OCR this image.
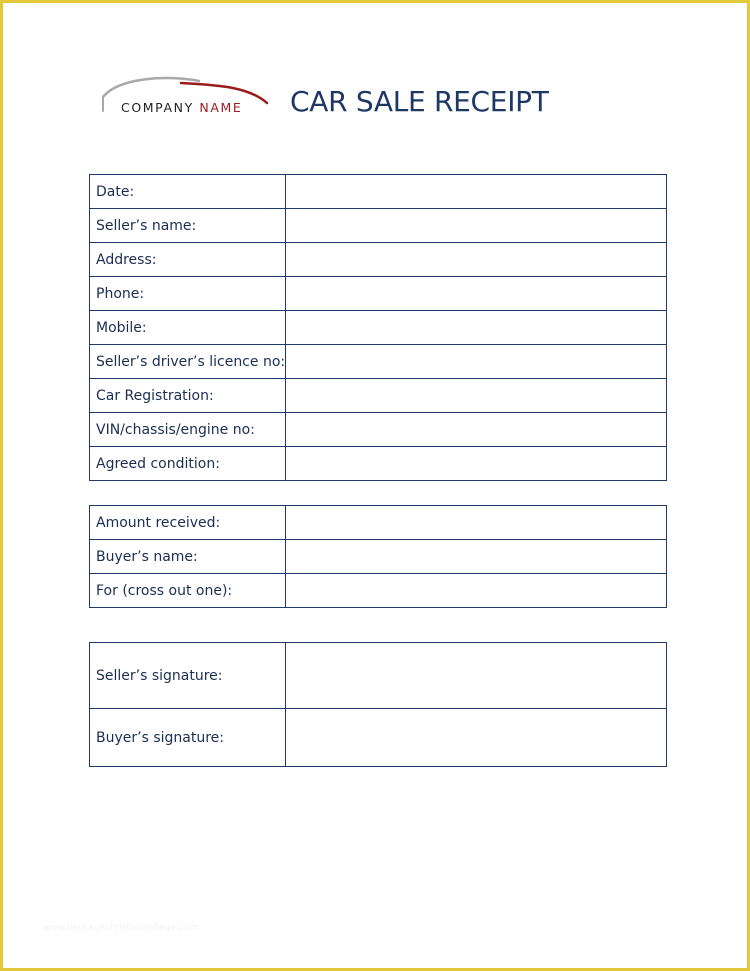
COMPANY NAME CAR SALE RECEIPT
Date:	
Seller’s name:	
Address:	
Phone:	
Mobile:	
Seller’s driver’s licence no:	
Car Registration:	
VIN/chassis/engine no:	
Agreed condition:	
Amount received:	
Buyer’s name:	
For (cross out one):	
Seller’s signature:	
Buyer’s signature:	
www.heritagechristiancollege.com
